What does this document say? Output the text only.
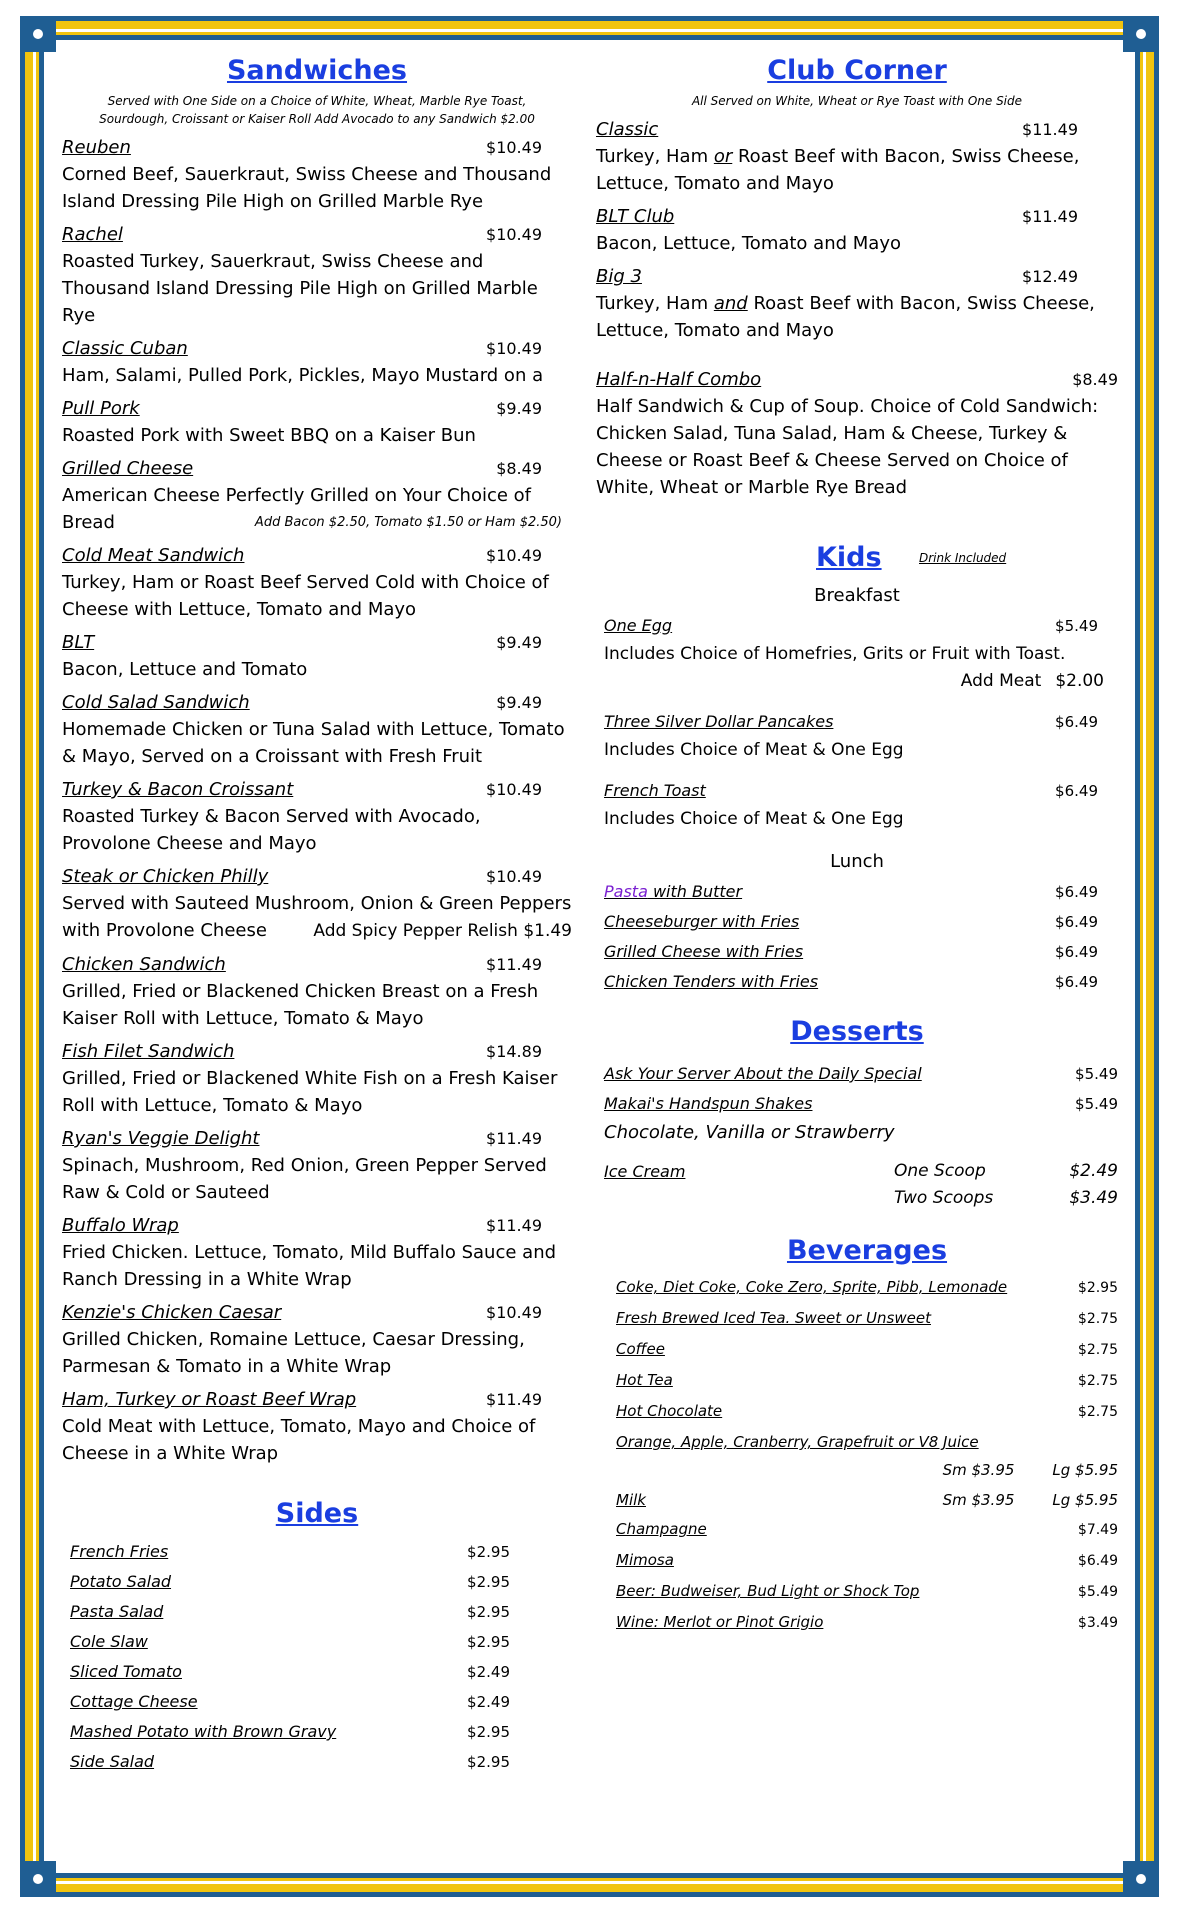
Sandwiches
Served with One Side on a Choice of White, Wheat, Marble Rye Toast,
Sourdough, Croissant or Kaiser Roll Add Avocado to any Sandwich $2.00
Reuben	$10.49
Corned Beef, Sauerkraut, Swiss Cheese and Thousand Island Dressing Pile High on Grilled Marble Rye
Rachel	$10.49
Roasted Turkey, Sauerkraut, Swiss Cheese and Thousand Island Dressing Pile High on Grilled Marble Rye
Classic Cuban	$10.49
Ham, Salami, Pulled Pork, Pickles, Mayo Mustard on a
Pull Pork	$9.49
Roasted Pork with Sweet BBQ on a Kaiser Bun
Grilled Cheese	$8.49
American Cheese Perfectly Grilled on Your Choice of Bread	Add Bacon $2.50, Tomato $1.50 or Ham $2.50)
Cold Meat Sandwich	$10.49
Turkey, Ham or Roast Beef Served Cold with Choice of Cheese with Lettuce, Tomato and Mayo
BLT	$9.49
Bacon, Lettuce and Tomato
Cold Salad Sandwich	$9.49
Homemade Chicken or Tuna Salad with Lettuce, Tomato & Mayo, Served on a Croissant with Fresh Fruit
Turkey & Bacon Croissant	$10.49
Roasted Turkey & Bacon Served with Avocado, Provolone Cheese and Mayo
Steak or Chicken Philly	$10.49
Served with Sauteed Mushroom, Onion & Green Peppers
with Provolone Cheese	Add Spicy Pepper Relish $1.49
Chicken Sandwich	$11.49
Grilled, Fried or Blackened Chicken Breast on a Fresh Kaiser Roll with Lettuce, Tomato & Mayo
Fish Filet Sandwich	$14.89
Grilled, Fried or Blackened White Fish on a Fresh Kaiser Roll with Lettuce, Tomato & Mayo
Ryan's Veggie Delight	$11.49
Spinach, Mushroom, Red Onion, Green Pepper Served Raw & Cold or Sauteed
Buffalo Wrap	$11.49
Fried Chicken. Lettuce, Tomato, Mild Buffalo Sauce and Ranch Dressing in a White Wrap
Kenzie's Chicken Caesar	$10.49
Grilled Chicken, Romaine Lettuce, Caesar Dressing, Parmesan & Tomato in a White Wrap
Ham, Turkey or Roast Beef Wrap	$11.49
Cold Meat with Lettuce, Tomato, Mayo and Choice of Cheese in a White Wrap
Sides
French Fries	$2.95
Potato Salad	$2.95
Pasta Salad	$2.95
Cole Slaw	$2.95
Sliced Tomato	$2.49
Cottage Cheese	$2.49
Mashed Potato with Brown Gravy	$2.95
Side Salad	$2.95
Club Corner
All Served on White, Wheat or Rye Toast with One Side
Classic	$11.49
Turkey, Ham or Roast Beef with Bacon, Swiss Cheese, Lettuce, Tomato and Mayo
BLT Club	$11.49
Bacon, Lettuce, Tomato and Mayo
Big 3	$12.49
Turkey, Ham and Roast Beef with Bacon, Swiss Cheese, Lettuce, Tomato and Mayo
Half-n-Half Combo	$8.49
Half Sandwich & Cup of Soup. Choice of Cold Sandwich: Chicken Salad, Tuna Salad, Ham & Cheese, Turkey & Cheese or Roast Beef & Cheese Served on Choice of White, Wheat or Marble Rye Bread
Kids	Drink Included
Breakfast
One Egg	$5.49
Includes Choice of Homefries, Grits or Fruit with Toast.
Add Meat $2.00
Three Silver Dollar Pancakes	$6.49
Includes Choice of Meat & One Egg
French Toast	$6.49
Includes Choice of Meat & One Egg
Lunch
Pasta with Butter	$6.49
Cheeseburger with Fries	$6.49
Grilled Cheese with Fries	$6.49
Chicken Tenders with Fries	$6.49
Desserts
Ask Your Server About the Daily Special	$5.49
Makai's Handspun Shakes	$5.49
Chocolate, Vanilla or Strawberry
Ice Cream	One Scoop	$2.49
Two Scoops	$3.49
Beverages
Coke, Diet Coke, Coke Zero, Sprite, Pibb, Lemonade	$2.95
Fresh Brewed Iced Tea. Sweet or Unsweet	$2.75
Coffee	$2.75
Hot Tea	$2.75
Hot Chocolate	$2.75
Orange, Apple, Cranberry, Grapefruit or V8 Juice
Sm $3.95	Lg $5.95
Milk	Sm $3.95	Lg $5.95
Champagne	$7.49
Mimosa	$6.49
Beer: Budweiser, Bud Light or Shock Top	$5.49
Wine: Merlot or Pinot Grigio	$3.49
